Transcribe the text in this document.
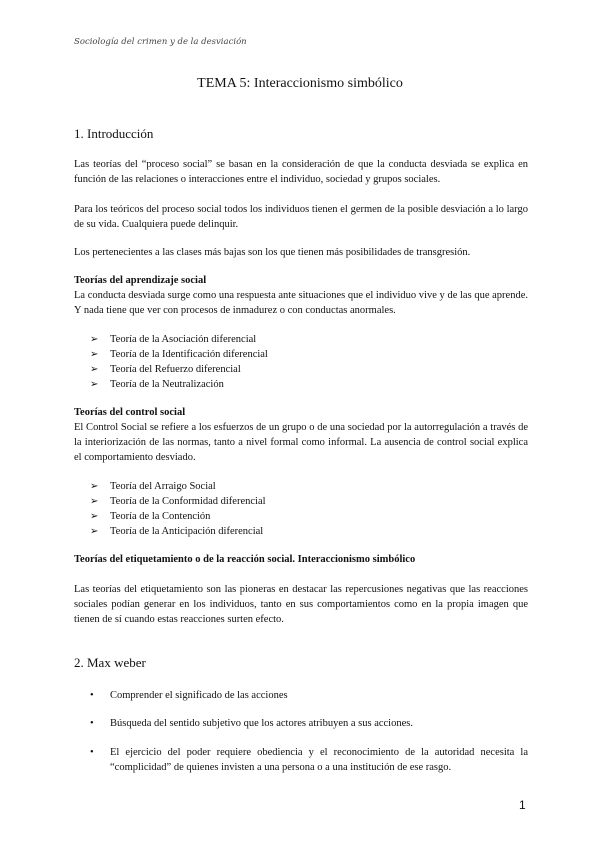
Sociología del crimen y de la desviación
TEMA 5: Interaccionismo simbólico
1. Introducción
Las teorías del “proceso social” se basan en la consideración de que la conducta desviada se explica en función de las relaciones o interacciones entre el individuo, sociedad y grupos sociales.
Para los teóricos del proceso social todos los individuos tienen el germen de la posible desviación a lo largo de su vida. Cualquiera puede delinquir.
Los pertenecientes a las clases más bajas son los que tienen más posibilidades de transgresión.
Teorías del aprendizaje social
La conducta desviada surge como una respuesta ante situaciones que el individuo vive y de las que aprende. Y nada tiene que ver con procesos de inmadurez o con conductas anormales.
➢ Teoría de la Asociación diferencial
➢ Teoría de la Identificación diferencial
➢ Teoría del Refuerzo diferencial
➢ Teoría de la Neutralización
Teorías del control social
El Control Social se refiere a los esfuerzos de un grupo o de una sociedad por la autorregulación a través de la interiorización de las normas, tanto a nivel formal como informal. La ausencia de control social explica el comportamiento desviado.
➢ Teoría del Arraigo Social
➢ Teoría de la Conformidad diferencial
➢ Teoría de la Contención
➢ Teoría de la Anticipación diferencial
Teorías del etiquetamiento o de la reacción social. Interaccionismo simbólico
Las teorías del etiquetamiento son las pioneras en destacar las repercusiones negativas que las reacciones sociales podían generar en los individuos, tanto en sus comportamientos como en la propia imagen que tienen de sí cuando estas reacciones surten efecto.
2. Max weber
• Comprender el significado de las acciones
• Búsqueda del sentido subjetivo que los actores atribuyen a sus acciones.
• El ejercicio del poder requiere obediencia y el reconocimiento de la autoridad necesita la “complicidad” de quienes invisten a una persona o a una institución de ese rasgo.
1
